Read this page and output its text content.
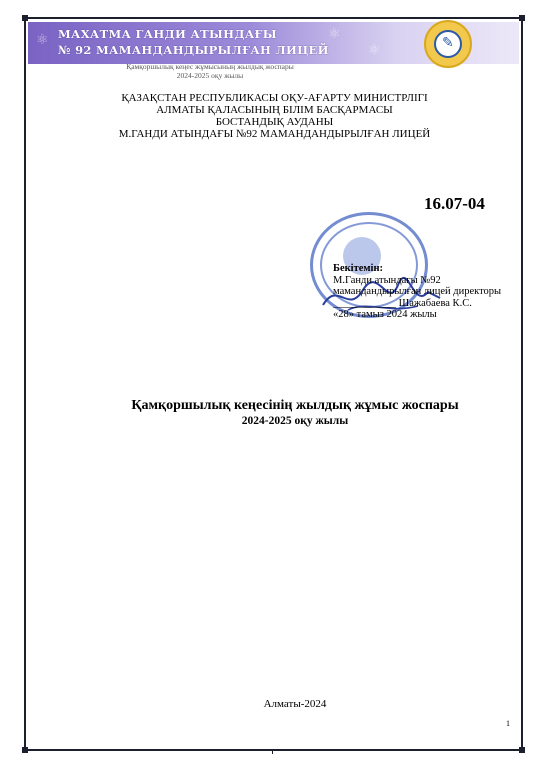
⚛	⚛
⚛
МАХАТМА ГАНДИ АТЫНДАҒЫ
№ 92 МАМАНДАНДЫРЫЛҒАН ЛИЦЕЙ	✎
Қамқоршылық кеңес жұмысының жылдық жоспары
2024-2025 оқу жылы
ҚАЗАҚСТАН РЕСПУБЛИКАСЫ ОҚУ-АҒАРТУ МИНИСТРЛІГІ
АЛМАТЫ ҚАЛАСЫНЫҢ БІЛІМ БАСҚАРМАСЫ
БОСТАНДЫҚ АУДАНЫ
М.ГАНДИ АТЫНДАҒЫ №92 МАМАНДАНДЫРЫЛҒАН ЛИЦЕЙ
16.07-04
Бекітемін:
М.Ганди атындағы №92
мамандандырылған лицей директоры
____________ Шажабаева К.С.
«28» тамыз 2024 жылы
Қамқоршылық кеңесінің жылдық жұмыс жоспары
2024-2025 оқу жылы
Алматы-2024
1
